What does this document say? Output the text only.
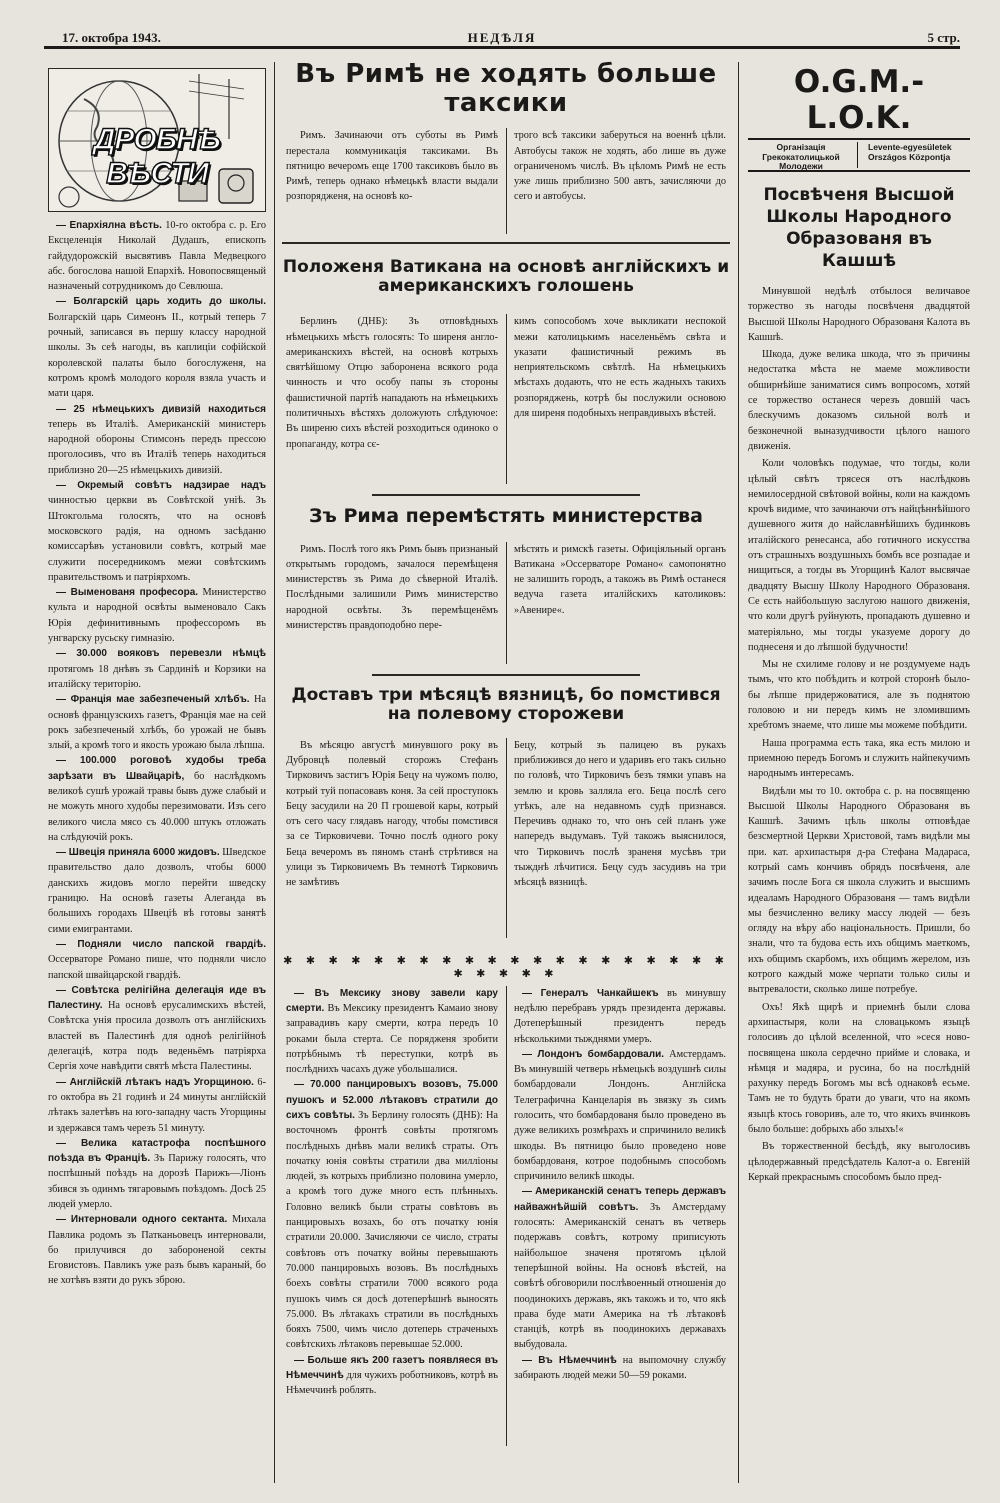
17. октобра 1943.	НЕДѢЛЯ	5 стр.
ДРОБНѢ ВѢСТИ

— Епархiялна вѣсть. 10-го октобра с. р. Его Ексцеленцiя Николай Дудашъ, епископъ гайдудорожскiй высвятивъ Павла Медвецкого абс. богослова нашой Епархiѣ. Новопосвященый назначеный сотрудникомъ до Севлюша.

— Болгарскiй царь ходить до школы. Болгарскiй царь Симеонъ II., котрый теперь 7 рочный, записався въ першу классу народной школы. Зъ сеѣ нагоды, въ каплицiи софiйской королевской палаты было богослуженя, на котромъ кромѣ молодого короля взяла участь и мати царя.

— 25 нѣмецькихъ дивизiй находиться теперь въ Италiѣ. Американскiй министеръ народной обороны Стимсонъ передъ прессою проголосивъ, что въ Италiѣ теперь находиться приблизно 20—25 нѣмецькихъ дивизiй.

— Окремый совѣтъ надзирае надъ чинностью церкви въ Совѣтской унiѣ. Зъ Штокгольма голосять, что на основѣ московского радiя, на одномъ засѣданю комиссарѣвъ установили совѣтъ, котрый мае служити посередникомъ межи совѣтскимъ правительствомъ и патрiярхомъ.

— Выменованя професора. Министерство культа и народной освѣты выменовало Сакъ Юрiя дефинитивнымъ профессоромъ въ унгварску русьску гимназiю.

— 30.000 вояковъ перевезли нѣмцѣ протягомъ 18 днѣвъ зъ Сардинiѣ и Корзики на италiйску територiю.

— Францiя мае забезпеченый хлѣбъ. На основѣ французскихъ газетъ, Францiя мае на сей рокъ забезпеченый хлѣбъ, бо урожай не бывъ злый, а кромѣ того и якость урожаю была лѣпша.

— 100.000 роговоѣ худобы треба зарѣзати въ Швайцарiѣ, бо наслѣдкомъ великоѣ сушѣ урожай травы бывъ дуже слабый и не можуть много худобы перезимовати. Изъ сего великого числа мясо съ 40.000 штукъ отложать на слѣдуючiй рокъ.

— Швецiя приняла 6000 жидовъ. Шведское правительство дало дозволъ, чтобы 6000 данскихъ жидовъ могло перейти шведску границю. На основѣ газеты Алеганда въ большихъ городахъ Швецiѣ вѣ готовы занятѣ сими емигрантами.

— Подняли число папской гвардiѣ. Оссерваторе Романо пише, что подняли число папской швайцарской гвардiѣ.

— Совѣтска релiгiйна делегацiя иде въ Палестину. На основѣ ерусалимскихъ вѣстей, Совѣтска унiя просила дозволъ отъ англiйскихъ властей въ Палестинѣ для одноѣ релiгiйноѣ делегацiѣ, котра подъ веденьёмъ патрiярха Сергiя хоче навѣдити святѣ мѣста Палестины.

— Англiйскiй лѣтакъ надъ Угорщиною. 6-го октобра въ 21 годинѣ и 24 минуты англiйскiй лѣтакъ залетѣвъ на юго-западну часть Угорщины и здержався тамъ черезъ 51 минуту.

— Велика катастрофа поспѣшного поѣзда въ Францiѣ. Зъ Парижу голосять, что поспѣшный поѣздъ на дорозѣ Парижъ—Лiонъ збився зъ одинмъ тягаровымъ поѣздомъ. Досѣ 25 людей умерло.

— Интерновали одного сектанта. Михала Павлика родомъ зъ Патканьовецъ интерновали, бо прилучився до забороненой секты Еговистовъ. Павликъ уже разъ бывъ караный, бо не хотѣвъ взяти до рукъ зброю.

Въ Римѣ не ходять больше таксики

Римъ. Зачинаючи отъ суботы въ Римѣ перестала коммуникацiя таксиками. Въ пятницю вечеромъ еще 1700 таксиковъ было въ Римѣ, теперь однако нѣмецькѣ власти выдали розпорядженя, на основѣ ко-

трого всѣ таксики заберуться на военнѣ цѣли. Автобусы також не ходять, або лише въ дуже ограниченомъ числѣ. Въ цѣломъ Римѣ не есть уже лишь приблизно 500 автъ, зачисляючи до сего и автобусы.

Положеня Ватикана на основѣ англiйскихъ и американскихъ голошень

Берлинъ (ДНБ): Зъ отповѣдныхъ нѣмецькихъ мѣстъ голосять: То ширеня англо-американскихъ вѣстей, на основѣ котрыхъ святѣйшому Отцю заборонена всякого рода чинность и что особу папы зъ стороны фашистичной партiѣ нападають на нѣмецькихъ политичныхъ вѣстяхъ доложують слѣдуючое: Въ ширеню сихъ вѣстей розходиться одинокo о пропаганду, котра сє-

кимъ сопособомъ хоче выкликати неспокой межи католицькимъ населеньёмъ свѣта и указати фашистичный режимъ въ неприятельскомъ свѣтлѣ. На нѣмецькихъ мѣстахъ додають, что не есть жадныхъ такихъ розпоряджень, котрѣ бы послужили основою для ширеня подобныхъ неправдивыхъ вѣстей.

Зъ Рима перемѣстять министерства

Римъ. Послѣ того якъ Римъ бывъ признаный открытымъ городомъ, зачалося перемѣщеня министерствъ зъ Рима до сѣверной Италiѣ. Послѣдными залишили Римъ министерство народной освѣты. Зъ перемѣщенёмъ министерствъ правдоподобно пере-

мѣстять и римскѣ газеты. Офицiяльный органъ Ватикана »Оссерваторе Романо« самопонятно не залишить городъ, а такожъ въ Римѣ останеся ведуча газета италiйскихъ католиковъ: »Авенире«.

Доставъ три мѣсяцѣ вязницѣ, бо помстився на полевому сторожеви

Въ мѣсяцю августѣ минувшого року въ Дубровцѣ полевый сторожъ Стефанъ Тирковичъ застигъ Юрiя Бецу на чужомъ полю, котрый туй попасовавъ коня. За сей проступокъ Бецу засудили на 20 П грошевой кары, котрый отъ сего часу глядавъ нагоду, чтобы помстився за се Тирковичеви. Точно послѣ одного року Беца вечеромъ въ пяномъ станѣ стрѣтився на улици зъ Тирковичемъ Въ темнотѣ Тирковичъ не замѣтивъ

Бецу, котрый зъ палицею въ рукахъ приближився до него и ударивъ его такъ сильно по головѣ, что Тирковичъ безъ тямки упавъ на землю и кровь залляла его. Беца послѣ сего утѣкъ, але на недавномъ судѣ признався. Перечивъ однако то, что онъ сей планъ уже напередъ выдумавъ. Туй такожъ выяснилося, что Тирковичъ послѣ зраненя мусѣвъ три тыжднѣ лѣчитися. Бецу судъ засудивъ на три мѣсяцѣ вязницѣ.

✱ ✱ ✱ ✱ ✱ ✱ ✱ ✱ ✱ ✱ ✱ ✱ ✱ ✱ ✱ ✱ ✱ ✱ ✱ ✱ ✱ ✱ ✱ ✱ ✱

— Въ Мексику знову завели кару смерти. Въ Мексику президентъ Камаио знову заправадивъ кару смерти, котра передъ 10 роками была стерта. Се порядженя зробити потрѣбнымъ тѣ переступки, котрѣ въ послѣднихъ часахъ дуже убольшалися.

— 70.000 панцировыхъ возовъ, 75.000 пушокъ и 52.000 лѣтаковъ стратили до сихъ совѣты. Зъ Берлину голосять (ДНБ): На восточномъ фронтѣ совѣты протягомъ послѣдныхъ днѣвъ мали великѣ страты. Отъ початку юнiя совѣты стратили два миллiоны людей, зъ котрыхъ приблизно половина умерло, а кромѣ того дуже много есть плѣнныхъ. Головно великѣ были страты совѣтовъ въ панцировыхъ возахъ, бо отъ початку юнiя стратили 20.000. Зачисляючи се число, страты совѣтовъ отъ початку войны перевышають 70.000 панцировыхъ возовъ. Въ послѣдныхъ боехъ совѣты стратили 7000 всякого рода пушокъ чимъ ся досѣ дотеперѣшнѣ выносять 75.000. Въ лѣтакахъ стратили въ послѣдныхъ бояхъ 7500, чимъ число дотеперь страченыхъ совѣтскихъ лѣтаковъ перевышае 52.000.

— Больше якъ 200 газетъ появляеся въ Нѣмеччинѣ для чужихъ роботниковъ, котрѣ въ Нѣмеччинѣ роблять.

— Генералъ Чанкайшекъ въ минувшу недѣлю перебравъ урядъ президента державы. Дотеперѣшный президентъ передъ нѣсколькими тыжднями умеръ.

— Лондонъ бомбардовали. Амстердамъ. Въ минувшiй четверь нѣмецькѣ воздушнѣ силы бомбардовали Лондонъ. Англiйска Телеграфична Канцеларiя въ звязку зъ симъ голосить, что бомбардованя было проведено въ дуже великихъ розмѣрахъ и спричинило великѣ шкоды. Въ пятницю было проведено нове бомбардованя, котрое подобнымъ способомъ спричинило великѣ шкоды.

— Американскiй сенатъ теперь державъ найважнѣйшiй совѣтъ. Зъ Амстердаму голосять: Американскiй сенатъ въ четверь подержавъ совѣтъ, котрому приписують найбольшое значеня протягомъ цѣлой теперѣшной войны. На основѣ вѣстей, на совѣтѣ обговорили послѣвоенный отношенiя до поодинокихъ державъ, якъ такожъ и то, что якѣ права буде мати Америка на тѣ лѣтаковѣ станцiѣ, котрѣ въ поодинокихъ державахъ выбудовала.

— Въ Нѣмеччинѣ на выпомочну службу забирають людей межи 50—59 роками.

O.G.M.-L.O.K.
Органiзацiя Грекокатолицькой Молодежи
Levente-egyesületek Országos Központja
Посвѣченя Высшой Школы Народного Образованя въ Кашшѣ

Минувшой недѣлѣ отбылося величавое торжество зъ нагоды посвѣченя двадцятой Высшой Школы Народного Образованя Калота въ Кашшѣ.

Шкода, дуже велика шкода, что зъ причины недостатка мѣста не маеме можливости обширнѣйше заниматися симъ вопросомъ, хотяй се торжество останеся черезъ довшiй часъ блескучимъ доказомъ сильной волѣ и безконечной выназудчивости цѣлого нашого движенiя.

Коли чоловѣкъ подумае, что тогды, коли цѣлый свѣтъ трясеся отъ наслѣдковъ немилосердной свѣтовой войны, коли на каждомъ крочѣ видиме, что зачинаючи отъ найцѣннѣйшого душевного житя до найславнѣйшихъ будинковъ италiйского ренесанса, або готичного искусства отъ страшныхъ воздушныхъ бомбъ все розпадае и нищиться, а тогды въ Угорщинѣ Калот высвячае двадцяту Высшу Школу Народного Образованя. Се єсть найбольшую заслугою нашого движенiя, что коли другѣ руйнують, пропадають душевно и матерiяльно, мы тогды указуеме дорогу до поднесеня и до лѣпшой будучности!

Мы не схилиме голову и не роздумуеме надъ тымъ, что кто побѣдить и котрой сторонѣ было-бы лѣпше придержоватися, але зъ поднятою головою и ни передъ кимъ не зломившимъ хребтомъ знаеме, что лише мы можеме побѣдити.

Наша программа есть така, яка есть милою и приемною передъ Богомъ и служить найпекучимъ народнымъ интересамъ.

Видѣли мы то 10. октобра с. р. на посвященю Высшой Школы Народного Образованя въ Кашшѣ. Зачимъ цѣль школы отповѣдае безсмертной Церкви Христовой, тамъ видѣли мы при. кат. архипастыря д-ра Стефана Мадараса, котрый самъ кончивъ обрядъ посвѣченя, але зачимъ после Бога ся школа служить и высшимъ идеаламъ Народного Образованя — тамъ видѣли мы безчисленно велику массу людей — безъ огляду на вѣру або нацiональность. Пришли, бо знали, что та будова есть ихъ общимъ маеткомъ, ихъ общимъ скарбомъ, ихъ общимъ жерелом, изъ котрого каждый може черпати только силы и вытревалости, сколько лише потребуе.

Охъ! Якѣ щирѣ и приемнѣ были слова архипастыря, коли на словацькомъ языцѣ голосивъ до цѣлой вселенной, что »сеся ново-посвящена школа сердечно прийме и словака, и нѣмця и мадяра, и русина, бо на послѣднiй рахунку передъ Богомъ мы всѣ однаковѣ есьме. Тамъ не то будуть брати до уваги, что на якомъ языцѣ ктось говоривъ, але то, что якихъ вчинковъ было больше: добрыхъ або злыхъ!«

Въ торжественной бесѣдѣ, яку выголосивъ цѣлодержавный предсѣдатель Калот-а о. Евгенiй Керкай прекраснымъ способомъ было пред-
